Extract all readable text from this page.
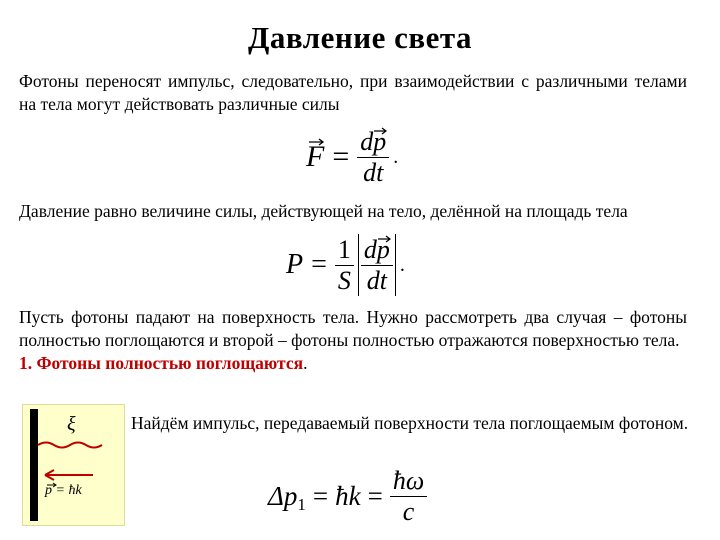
Давление света
Фотоны переносят импульс, следовательно, при взаимодействии с различными телами на тела могут действовать различные силы
$F = \frac{dp}{dt}$ .
Давление равно величине силы, действующей на тело, делённой на площадь тела
$P = \frac{1}{S} \frac{dp}{dt}$ .
Пусть фотоны падают на поверхность тела. Нужно рассмотреть два случая – фотоны полностью поглощаются и второй – фотоны полностью отражаются поверхностью тела.
1. Фотоны полностью поглощаются.
ξ
p = ħk
Найдём импульс, передаваемый поверхности тела поглощаемым фотоном.
Δp 1 = ħk = $\frac{ħ\omega}{c}$
